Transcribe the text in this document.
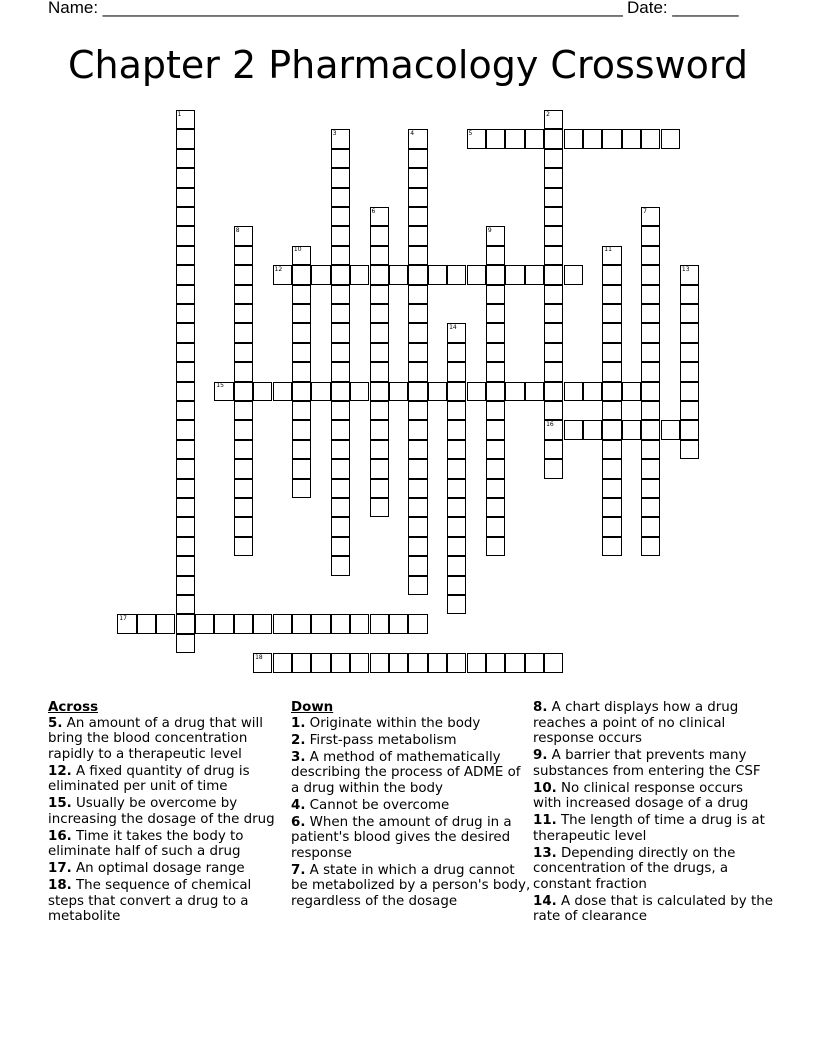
Name: _______________________________________________________ Date: _______
Chapter 2 Pharmacology Crossword
1	2
3	4	5
6	7
8	9
10	11
12	13
14
15
16
17
18
Across
5. An amount of a drug that will bring the blood concentration rapidly to a therapeutic level
12. A fixed quantity of drug is eliminated per unit of time
15. Usually be overcome by increasing the dosage of the drug
16. Time it takes the body to eliminate half of such a drug
17. An optimal dosage range
18. The sequence of chemical steps that convert a drug to a metabolite
Down
1. Originate within the body
2. First-pass metabolism
3. A method of mathematically describing the process of ADME of a drug within the body
4. Cannot be overcome
6. When the amount of drug in a patient's blood gives the desired response
7. A state in which a drug cannot be metabolized by a person's body, regardless of the dosage
8. A chart displays how a drug reaches a point of no clinical response occurs
9. A barrier that prevents many substances from entering the CSF
10. No clinical response occurs with increased dosage of a drug
11. The length of time a drug is at therapeutic level
13. Depending directly on the concentration of the drugs, a constant fraction
14. A dose that is calculated by the rate of clearance
